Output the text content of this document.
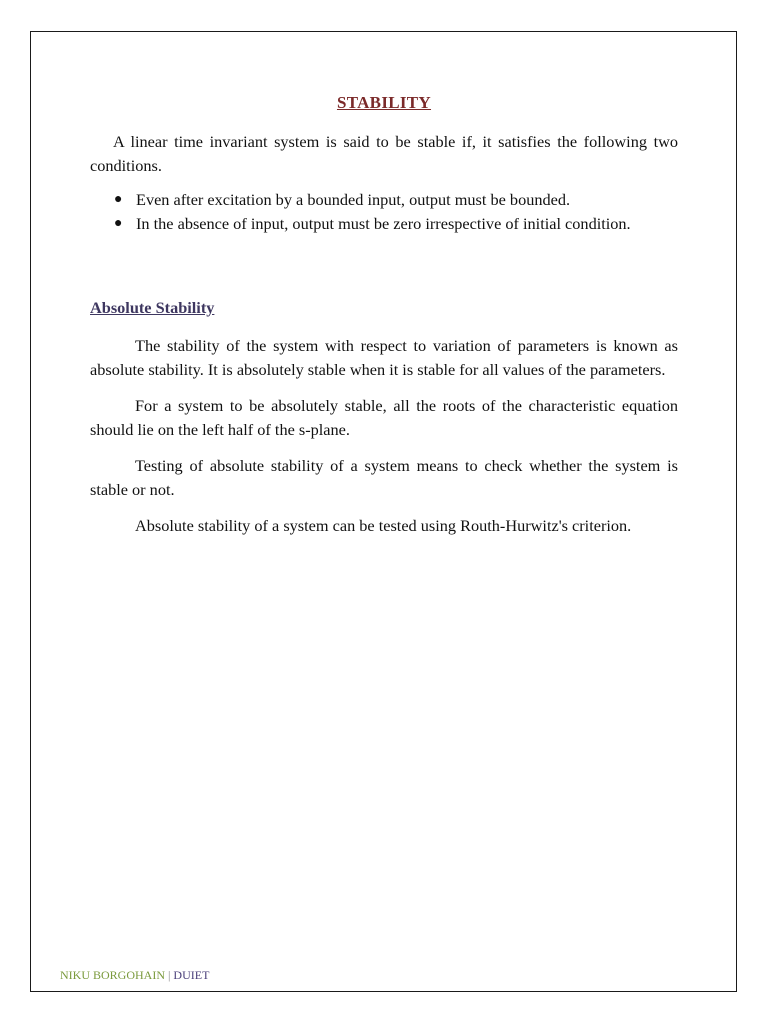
STABILITY

A linear time invariant system is said to be stable if, it satisfies the following two conditions.

● Even after excitation by a bounded input, output must be bounded.
● In the absence of input, output must be zero irrespective of initial condition.
Absolute Stability

The stability of the system with respect to variation of parameters is known as absolute stability. It is absolutely stable when it is stable for all values of the parameters.

For a system to be absolutely stable, all the roots of the characteristic equation should lie on the left half of the s-plane.

Testing of absolute stability of a system means to check whether the system is stable or not.

Absolute stability of a system can be tested using Routh-Hurwitz's criterion.

NIKU BORGOHAIN | DUIET
